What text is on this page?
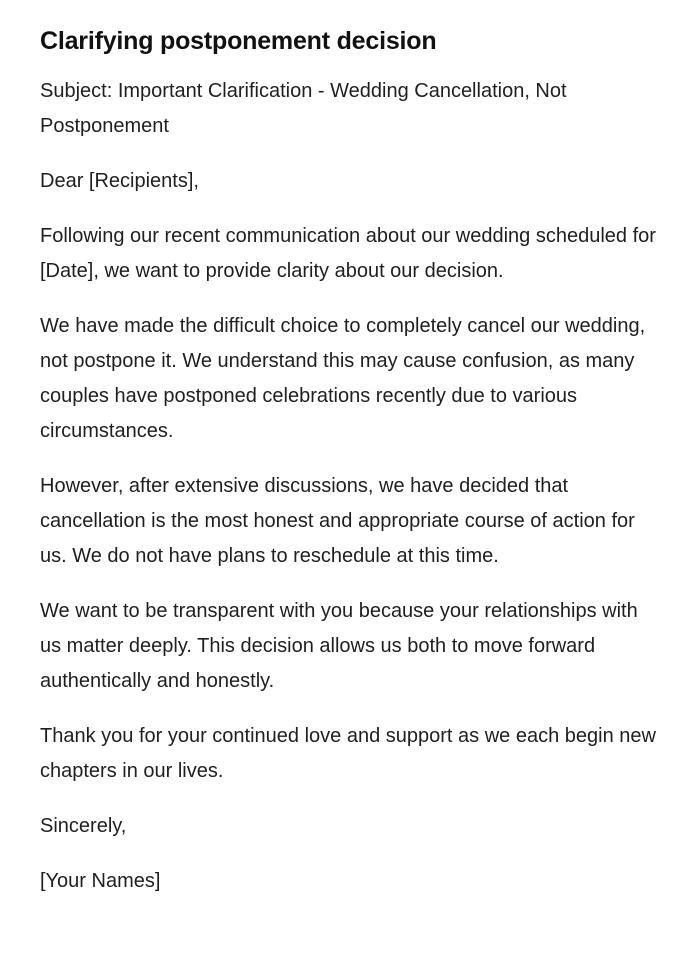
Clarifying postponement decision

Subject: Important Clarification - Wedding Cancellation, Not Postponement

Dear [Recipients],

Following our recent communication about our wedding scheduled for [Date], we want to provide clarity about our decision.

We have made the difficult choice to completely cancel our wedding, not postpone it. We understand this may cause confusion, as many couples have postponed celebrations recently due to various circumstances.

However, after extensive discussions, we have decided that cancellation is the most honest and appropriate course of action for us. We do not have plans to reschedule at this time.

We want to be transparent with you because your relationships with us matter deeply. This decision allows us both to move forward authentically and honestly.

Thank you for your continued love and support as we each begin new chapters in our lives.

Sincerely,

[Your Names]
